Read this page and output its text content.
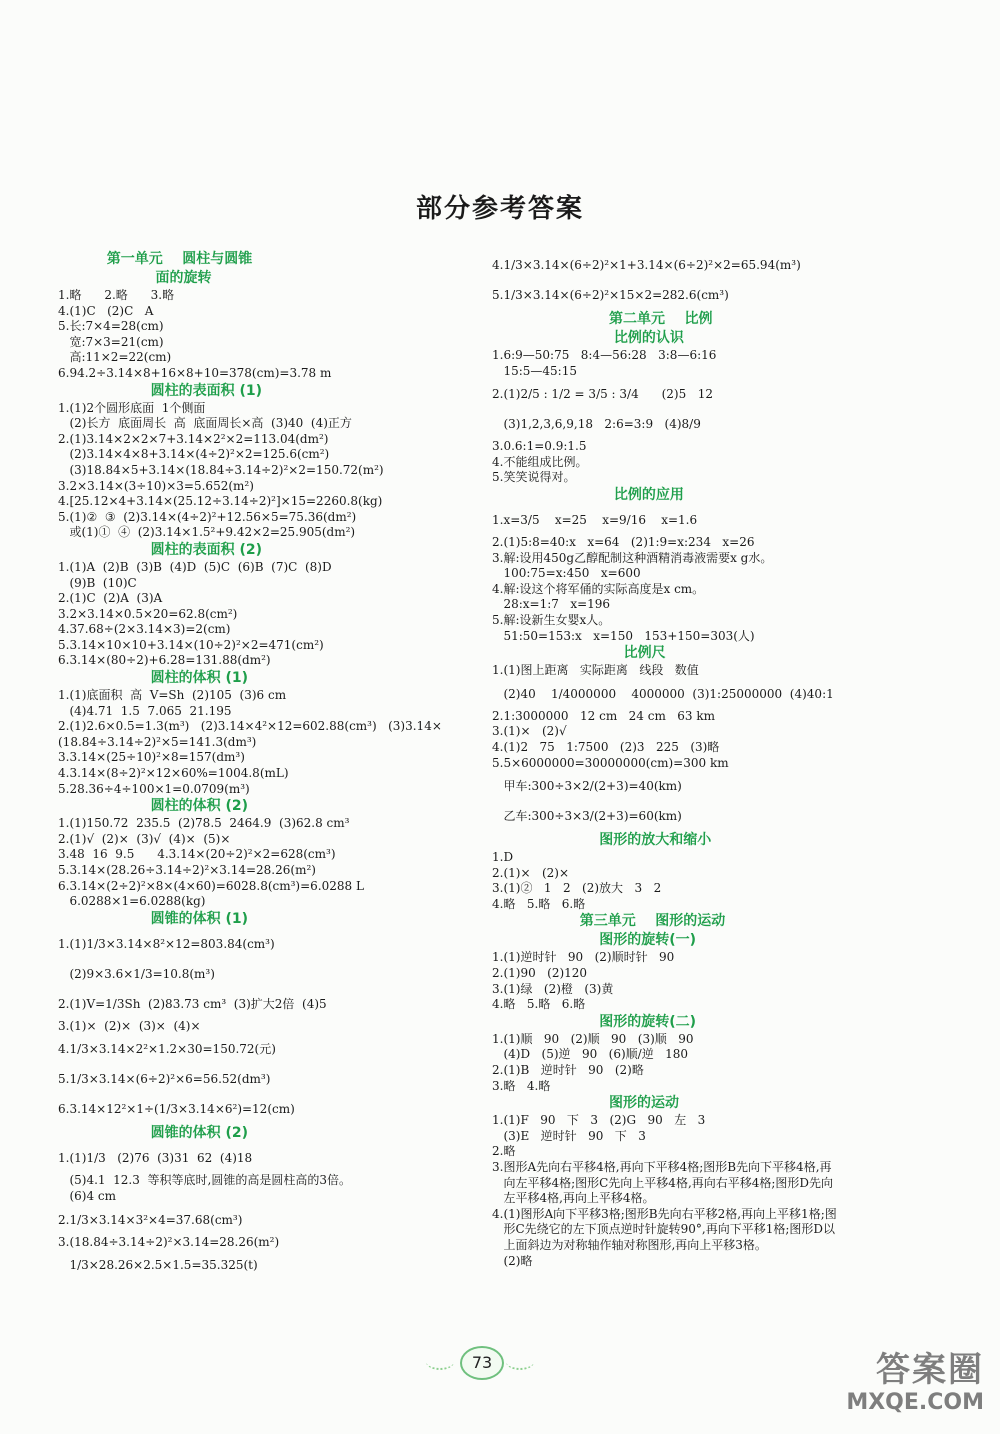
部分参考答案
第一单元    圆柱与圆锥
面的旋转
1.略      2.略      3.略
4.(1)C   (2)C   A
5.长:7×4=28(cm)
宽:7×3=21(cm)
高:11×2=22(cm)
6.94.2÷3.14×8+16×8+10=378(cm)=3.78 m
圆柱的表面积 (1)
1.(1)2个圆形底面  1个侧面
(2)长方  底面周长  高  底面周长×高  (3)40  (4)正方
2.(1)3.14×2×2×7+3.14×2²×2=113.04(dm²)
(2)3.14×4×8+3.14×(4÷2)²×2=125.6(cm²)
(3)18.84×5+3.14×(18.84÷3.14÷2)²×2=150.72(m²)
3.2×3.14×(3÷10)×3=5.652(m²)
4.[25.12×4+3.14×(25.12÷3.14÷2)²]×15=2260.8(kg)
5.(1)②  ③  (2)3.14×(4÷2)²+12.56×5=75.36(dm²)
或(1)①  ④  (2)3.14×1.5²+9.42×2=25.905(dm²)
圆柱的表面积 (2)
1.(1)A  (2)B  (3)B  (4)D  (5)C  (6)B  (7)C  (8)D
(9)B  (10)C
2.(1)C  (2)A  (3)A
3.2×3.14×0.5×20=62.8(cm²)
4.37.68÷(2×3.14×3)=2(cm)
5.3.14×10×10+3.14×(10÷2)²×2=471(cm²)
6.3.14×(80÷2)+6.28=131.88(dm²)
圆柱的体积 (1)
1.(1)底面积  高  V=Sh  (2)105  (3)6 cm
(4)4.71  1.5  7.065  21.195
2.(1)2.6×0.5=1.3(m³)   (2)3.14×4²×12=602.88(cm³)   (3)3.14×
(18.84÷3.14÷2)²×5=141.3(dm³)
3.3.14×(25÷10)²×8=157(dm³)
4.3.14×(8÷2)²×12×60%=1004.8(mL)
5.28.36÷4÷100×1=0.0709(m³)
圆柱的体积 (2)
1.(1)150.72  235.5  (2)78.5  2464.9  (3)62.8 cm³
2.(1)√  (2)×  (3)√  (4)×  (5)×
3.48  16  9.5      4.3.14×(20÷2)²×2=628(cm³)
5.3.14×(28.26÷3.14÷2)²×3.14=28.26(m²)
6.3.14×(2÷2)²×8×(4×60)=6028.8(cm³)=6.0288 L
6.0288×1=6.0288(kg)
圆锥的体积 (1)
1.(1)1/3×3.14×8²×12=803.84(cm³)
(2)9×3.6×1/3=10.8(m³)
2.(1)V=1/3Sh  (2)83.73 cm³  (3)扩大2倍  (4)5
3.(1)×  (2)×  (3)×  (4)×
4.1/3×3.14×2²×1.2×30=150.72(元)
5.1/3×3.14×(6÷2)²×6=56.52(dm³)
6.3.14×12²×1÷(1/3×3.14×6²)=12(cm)
圆锥的体积 (2)
1.(1)1/3   (2)76  (3)31  62  (4)18
(5)4.1  12.3  等积等底时,圆锥的高是圆柱高的3倍。
(6)4 cm
2.1/3×3.14×3²×4=37.68(cm³)
3.(18.84÷3.14÷2)²×3.14=28.26(m²)
1/3×28.26×2.5×1.5=35.325(t)
4.1/3×3.14×(6÷2)²×1+3.14×(6÷2)²×2=65.94(m³)
5.1/3×3.14×(6÷2)²×15×2=282.6(cm³)
第二单元    比例
比例的认识
1.6:9—50:75   8:4—56:28   3:8—6:16
15:5—45:15
2.(1)2/5 : 1/2 = 3/5 : 3/4      (2)5   12
(3)1,2,3,6,9,18   2:6=3:9   (4)8/9
3.0.6:1=0.9:1.5
4.不能组成比例。
5.笑笑说得对。
比例的应用
1.x=3/5    x=25    x=9/16    x=1.6
2.(1)5:8=40:x   x=64   (2)1:9=x:234   x=26
3.解:设用450g乙醇配制这种酒精消毒液需要x g水。
100:75=x:450   x=600
4.解:设这个将军俑的实际高度是x cm。
28:x=1:7   x=196
5.解:设新生女婴x人。
51:50=153:x   x=150   153+150=303(人)
比例尺
1.(1)图上距离   实际距离   线段   数值
(2)40    1/4000000    4000000  (3)1:25000000  (4)40:1
2.1:3000000   12 cm   24 cm   63 km
3.(1)×   (2)√
4.(1)2   75   1:7500   (2)3   225   (3)略
5.5×6000000=30000000(cm)=300 km
甲车:300÷3×2/(2+3)=40(km)
乙车:300÷3×3/(2+3)=60(km)
图形的放大和缩小
1.D
2.(1)×   (2)×
3.(1)②   1   2   (2)放大   3   2
4.略   5.略   6.略
第三单元    图形的运动
图形的旋转(一)
1.(1)逆时针   90   (2)顺时针   90
2.(1)90   (2)120
3.(1)绿   (2)橙   (3)黄
4.略   5.略   6.略
图形的旋转(二)
1.(1)顺   90   (2)顺   90   (3)顺   90
(4)D   (5)逆   90   (6)顺/逆   180
2.(1)B   逆时针   90   (2)略
3.略   4.略
图形的运动
1.(1)F   90   下   3   (2)G   90   左   3
(3)E   逆时针   90   下   3
2.略
3.图形A先向右平移4格,再向下平移4格;图形B先向下平移4格,再
向左平移4格;图形C先向上平移4格,再向右平移4格;图形D先向
左平移4格,再向上平移4格。
4.(1)图形A向下平移3格;图形B先向右平移2格,再向上平移1格;图
形C先绕它的左下顶点逆时针旋转90°,再向下平移1格;图形D以
上面斜边为对称轴作轴对称图形,再向上平移3格。
(2)略
73	答案圈
MXQE.COM
